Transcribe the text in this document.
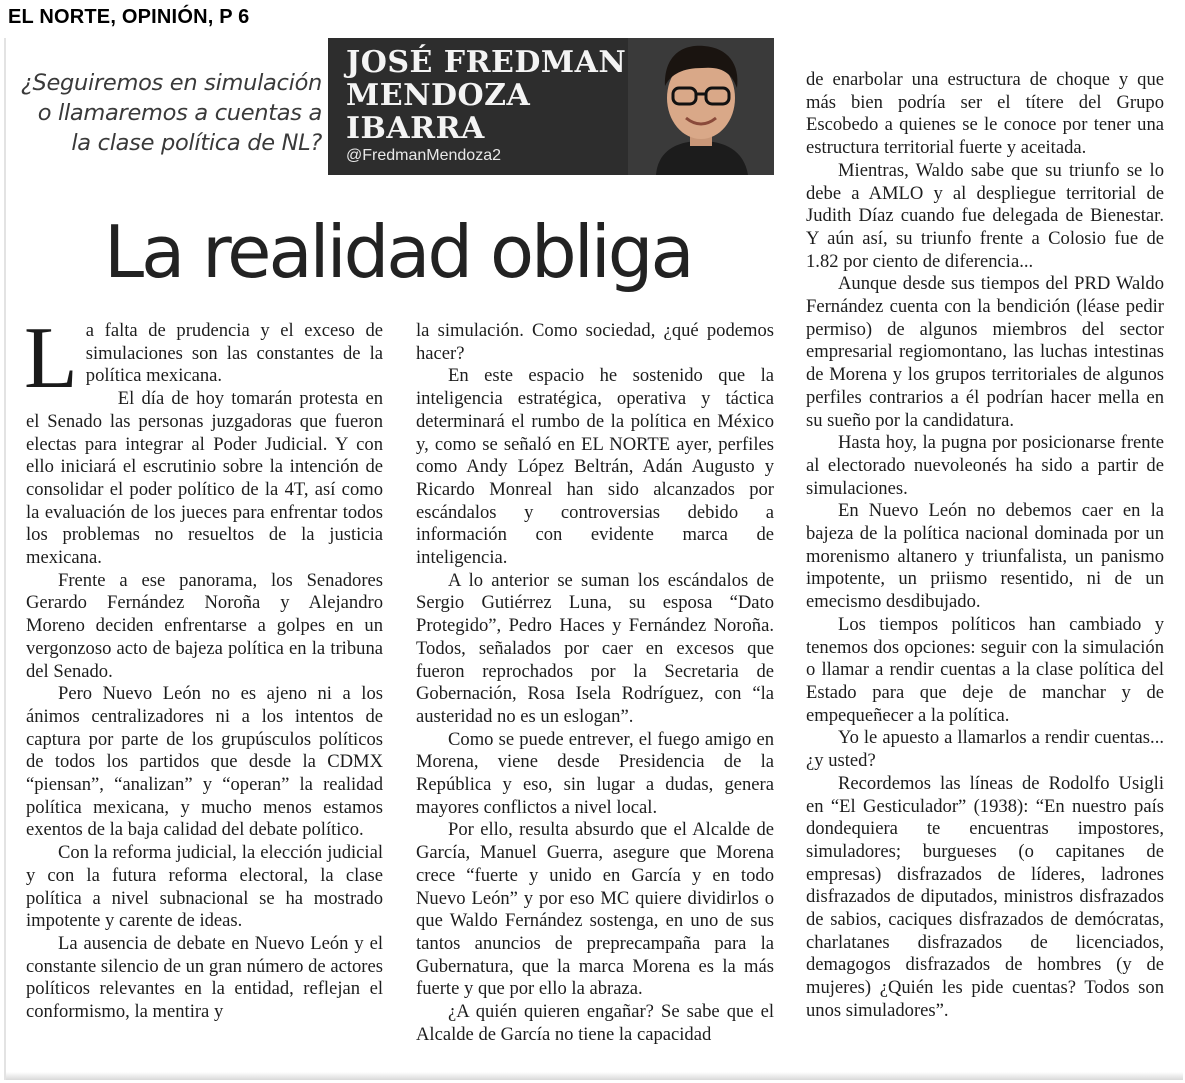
EL NORTE, OPINIÓN, P 6
¿Seguiremos en simulación o llamaremos a cuentas a la clase política de NL?
JOSÉ FREDMAN
MENDOZA
IBARRA
@FredmanMendoza2
La realidad obliga

La falta de prudencia y el exceso de simulaciones son las constantes de la política mexicana.

El día de hoy tomarán protesta en el Senado las personas juzgadoras que fueron electas para integrar al Poder Judicial. Y con ello iniciará el escrutinio sobre la intención de consolidar el poder político de la 4T, así como la evaluación de los jueces para enfrentar todos los problemas no resueltos de la justicia mexicana.

Frente a ese panorama, los Senadores Gerardo Fernández Noroña y Alejandro Moreno deciden enfrentarse a golpes en un vergonzoso acto de bajeza política en la tribuna del Senado.

Pero Nuevo León no es ajeno ni a los ánimos centralizadores ni a los intentos de captura por parte de los grupúsculos políticos de todos los partidos que desde la CDMX “piensan”, “analizan” y “operan” la realidad política mexicana, y mucho menos estamos exentos de la baja calidad del debate político.

Con la reforma judicial, la elección judicial y con la futura reforma electoral, la clase política a nivel subnacional se ha mostrado impotente y carente de ideas.

La ausencia de debate en Nuevo León y el constante silencio de un gran número de actores políticos relevantes en la entidad, reflejan el conformismo, la mentira y

la simulación. Como sociedad, ¿qué podemos hacer?

En este espacio he sostenido que la inteligencia estratégica, operativa y táctica determinará el rumbo de la política en México y, como se señaló en EL NORTE ayer, perfiles como Andy López Beltrán, Adán Augusto y Ricardo Monreal han sido alcanzados por escándalos y controversias debido a información con evidente marca de inteligencia.

A lo anterior se suman los escándalos de Sergio Gutiérrez Luna, su esposa “Dato Protegido”, Pedro Haces y Fernández Noroña. Todos, señalados por caer en excesos que fueron reprochados por la Secretaria de Gobernación, Rosa Isela Rodríguez, con “la austeridad no es un eslogan”.

Como se puede entrever, el fuego amigo en Morena, viene desde Presidencia de la República y eso, sin lugar a dudas, genera mayores conflictos a nivel local.

Por ello, resulta absurdo que el Alcalde de García, Manuel Guerra, asegure que Morena crece “fuerte y unido en García y en todo Nuevo León” y por eso MC quiere dividirlos o que Waldo Fernández sostenga, en uno de sus tantos anuncios de preprecampaña para la Gubernatura, que la marca Morena es la más fuerte y que por ello la abraza.

¿A quién quieren engañar? Se sabe que el Alcalde de García no tiene la capacidad

de enarbolar una estructura de choque y que más bien podría ser el títere del Grupo Escobedo a quienes se le conoce por tener una estructura territorial fuerte y aceitada.

Mientras, Waldo sabe que su triunfo se lo debe a AMLO y al despliegue territorial de Judith Díaz cuando fue delegada de Bienestar. Y aún así, su triunfo frente a Colosio fue de 1.82 por ciento de diferencia...

Aunque desde sus tiempos del PRD Waldo Fernández cuenta con la bendición (léase pedir permiso) de algunos miembros del sector empresarial regiomontano, las luchas intestinas de Morena y los grupos territoriales de algunos perfiles contrarios a él podrían hacer mella en su sueño por la candidatura.

Hasta hoy, la pugna por posicionarse frente al electorado nuevoleonés ha sido a partir de simulaciones.

En Nuevo León no debemos caer en la bajeza de la política nacional dominada por un morenismo altanero y triunfalista, un panismo impotente, un priismo resentido, ni de un emecismo desdibujado.

Los tiempos políticos han cambiado y tenemos dos opciones: seguir con la simulación o llamar a rendir cuentas a la clase política del Estado para que deje de manchar y de empequeñecer a la política.

Yo le apuesto a llamarlos a rendir cuentas... ¿y usted?

Recordemos las líneas de Rodolfo Usigli en “El Gesticulador” (1938): “En nuestro país dondequiera te encuentras impostores, simuladores; burgueses (o capitanes de empresas) disfrazados de líderes, ladrones disfrazados de diputados, ministros disfrazados de sabios, caciques disfrazados de demócratas, charlatanes disfrazados de licenciados, demagogos disfrazados de hombres (y de mujeres) ¿Quién les pide cuentas? Todos son unos simuladores”.
